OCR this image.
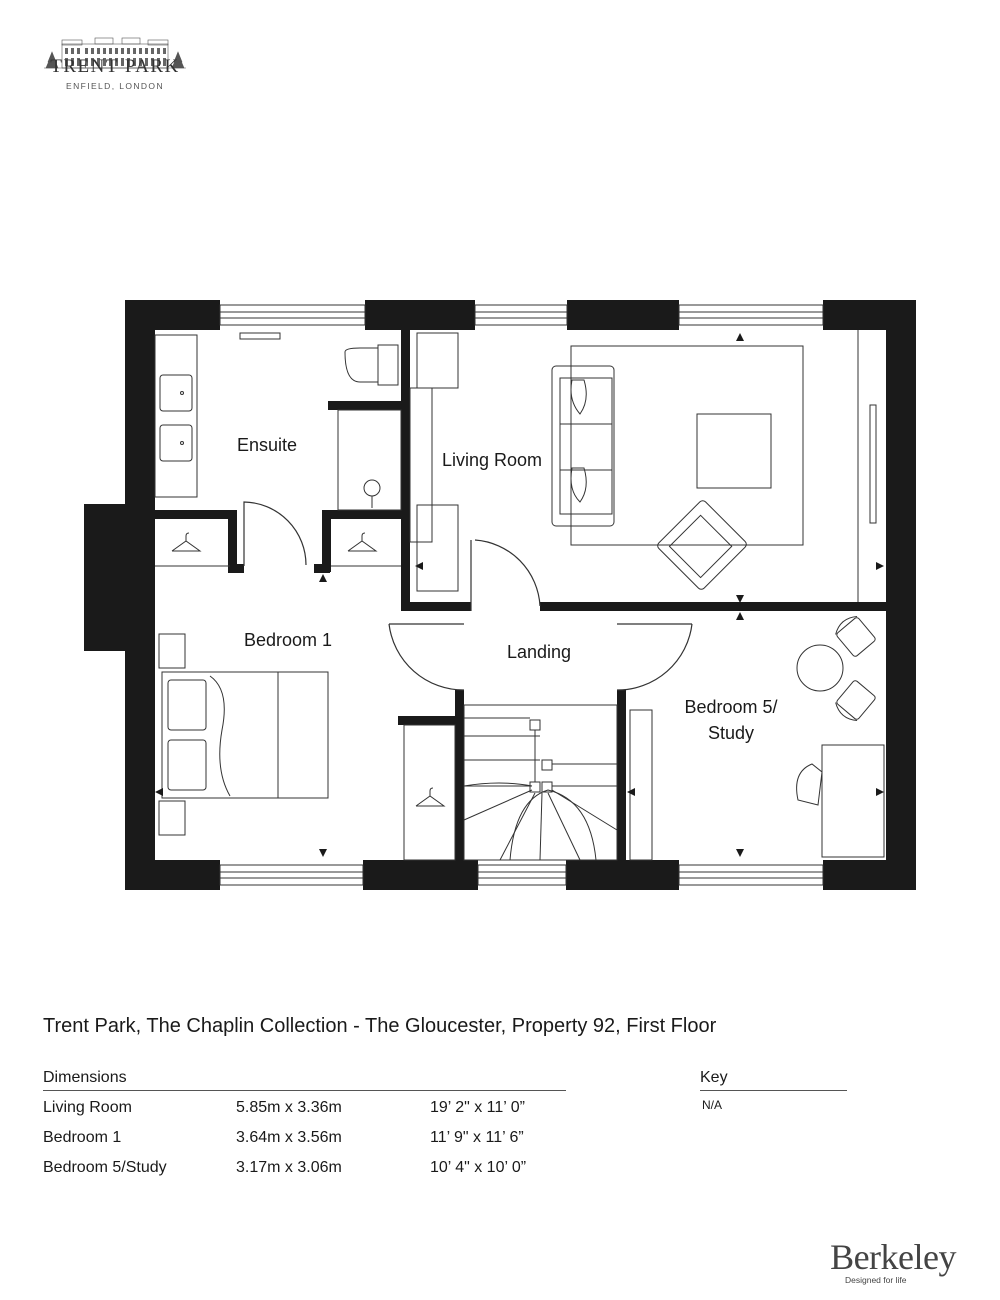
TRENT PARK
ENFIELD, LONDON
Ensuite
Living Room
Bedroom 1
Landing
Bedroom 5/
Study
Trent Park, The Chaplin Collection - The Gloucester, Property 92, First Floor
Dimensions
Living Room	5.85m x 3.36m	19’ 2" x 11’ 0”
Bedroom 1	3.64m x 3.56m	11’ 9" x 11’ 6”
Bedroom 5/Study	3.17m x 3.06m	10’ 4" x 10’ 0”
Key
N/A
Berkeley
Designed for life
